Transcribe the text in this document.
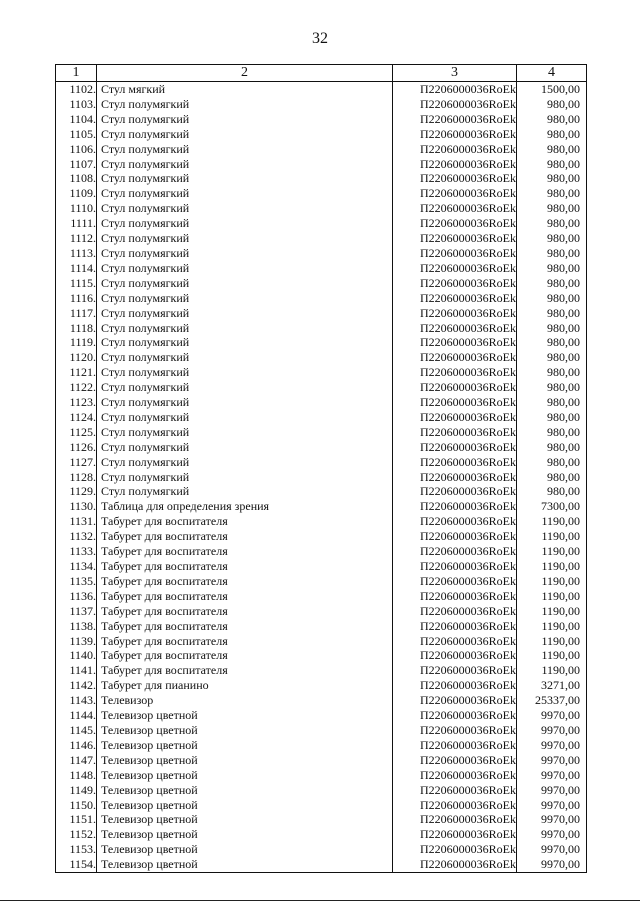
32
1	2	3	4
1102.	Стул мягкий	П2206000036RoEk	1500,00
1103.	Стул полумягкий	П2206000036RoEk	980,00
1104.	Стул полумягкий	П2206000036RoEk	980,00
1105.	Стул полумягкий	П2206000036RoEk	980,00
1106.	Стул полумягкий	П2206000036RoEk	980,00
1107.	Стул полумягкий	П2206000036RoEk	980,00
1108.	Стул полумягкий	П2206000036RoEk	980,00
1109.	Стул полумягкий	П2206000036RoEk	980,00
1110.	Стул полумягкий	П2206000036RoEk	980,00
1111.	Стул полумягкий	П2206000036RoEk	980,00
1112.	Стул полумягкий	П2206000036RoEk	980,00
1113.	Стул полумягкий	П2206000036RoEk	980,00
1114.	Стул полумягкий	П2206000036RoEk	980,00
1115.	Стул полумягкий	П2206000036RoEk	980,00
1116.	Стул полумягкий	П2206000036RoEk	980,00
1117.	Стул полумягкий	П2206000036RoEk	980,00
1118.	Стул полумягкий	П2206000036RoEk	980,00
1119.	Стул полумягкий	П2206000036RoEk	980,00
1120.	Стул полумягкий	П2206000036RoEk	980,00
1121.	Стул полумягкий	П2206000036RoEk	980,00
1122.	Стул полумягкий	П2206000036RoEk	980,00
1123.	Стул полумягкий	П2206000036RoEk	980,00
1124.	Стул полумягкий	П2206000036RoEk	980,00
1125.	Стул полумягкий	П2206000036RoEk	980,00
1126.	Стул полумягкий	П2206000036RoEk	980,00
1127.	Стул полумягкий	П2206000036RoEk	980,00
1128.	Стул полумягкий	П2206000036RoEk	980,00
1129.	Стул полумягкий	П2206000036RoEk	980,00
1130.	Таблица для определения зрения	П2206000036RoEk	7300,00
1131.	Табурет для воспитателя	П2206000036RoEk	1190,00
1132.	Табурет для воспитателя	П2206000036RoEk	1190,00
1133.	Табурет для воспитателя	П2206000036RoEk	1190,00
1134.	Табурет для воспитателя	П2206000036RoEk	1190,00
1135.	Табурет для воспитателя	П2206000036RoEk	1190,00
1136.	Табурет для воспитателя	П2206000036RoEk	1190,00
1137.	Табурет для воспитателя	П2206000036RoEk	1190,00
1138.	Табурет для воспитателя	П2206000036RoEk	1190,00
1139.	Табурет для воспитателя	П2206000036RoEk	1190,00
1140.	Табурет для воспитателя	П2206000036RoEk	1190,00
1141.	Табурет для воспитателя	П2206000036RoEk	1190,00
1142.	Табурет для пианино	П2206000036RoEk	3271,00
1143.	Телевизор	П2206000036RoEk	25337,00
1144.	Телевизор цветной	П2206000036RoEk	9970,00
1145.	Телевизор цветной	П2206000036RoEk	9970,00
1146.	Телевизор цветной	П2206000036RoEk	9970,00
1147.	Телевизор цветной	П2206000036RoEk	9970,00
1148.	Телевизор цветной	П2206000036RoEk	9970,00
1149.	Телевизор цветной	П2206000036RoEk	9970,00
1150.	Телевизор цветной	П2206000036RoEk	9970,00
1151.	Телевизор цветной	П2206000036RoEk	9970,00
1152.	Телевизор цветной	П2206000036RoEk	9970,00
1153.	Телевизор цветной	П2206000036RoEk	9970,00
1154.	Телевизор цветной	П2206000036RoEk	9970,00
